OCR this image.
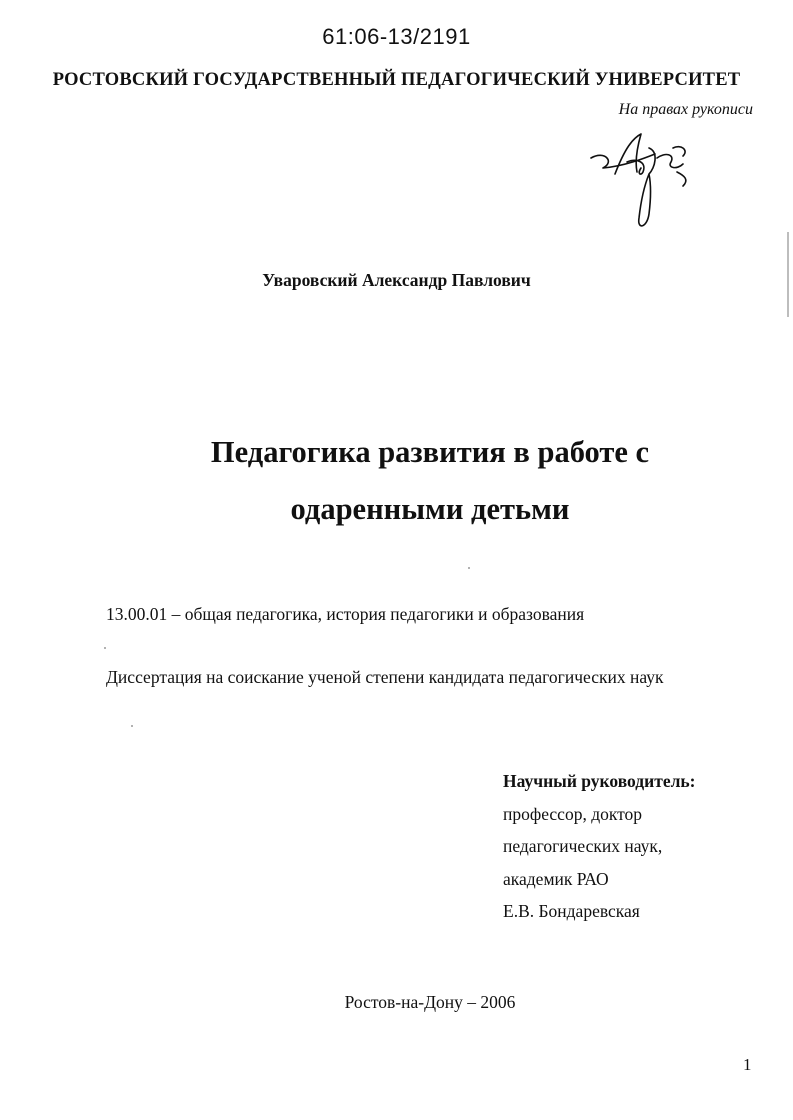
61:06-13/2191
РОСТОВСКИЙ ГОСУДАРСТВЕННЫЙ ПЕДАГОГИЧЕСКИЙ УНИВЕРСИТЕТ
На правах рукописи
Уваровский Александр Павлович
Педагогика развития в работе с
одаренными детьми
13.00.01 – общая педагогика, история педагогики и образования
Диссертация на соискание ученой степени кандидата педагогических наук
Научный руководитель:
профессор, доктор
педагогических наук,
академик РАО
Е.В. Бондаревская
Ростов-на-Дону – 2006
1
